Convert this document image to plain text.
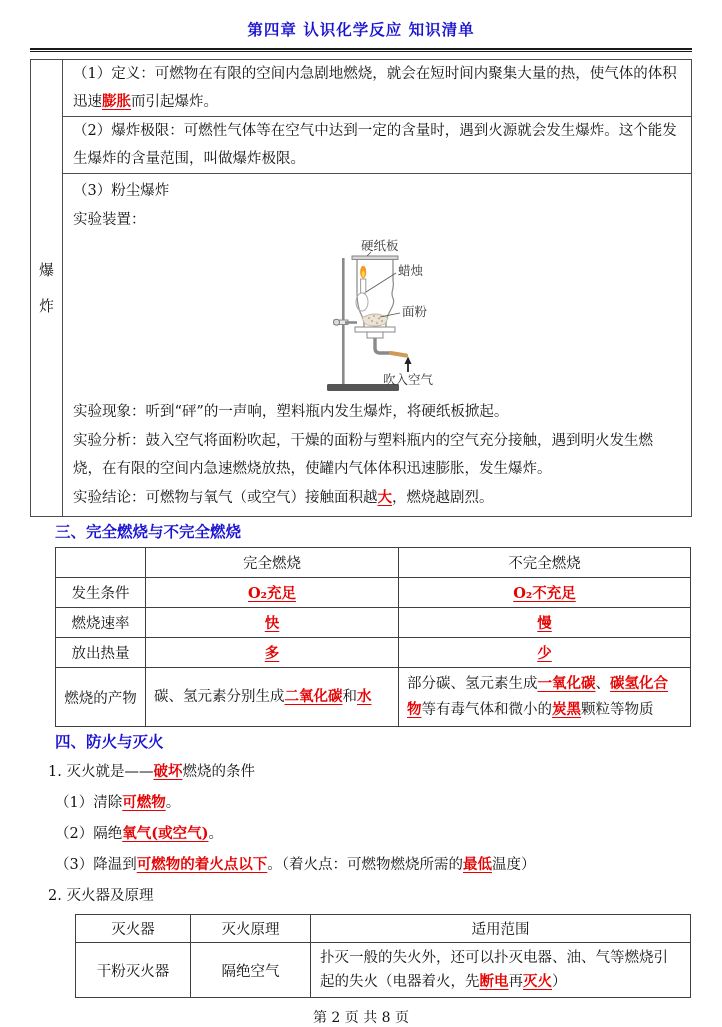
第四章 认识化学反应 知识清单
爆炸
（1）定义：可燃物在有限的空间内急剧地燃烧，就会在短时间内聚集大量的热，使气体的体积迅速膨胀而引起爆炸。
（2）爆炸极限：可燃性气体等在空气中达到一定的含量时，遇到火源就会发生爆炸。这个能发生爆炸的含量范围，叫做爆炸极限。

（3）粉尘爆炸

实验装置：

硬纸板
蜡烛
面粉
吹入空气

实验现象：听到“砰”的一声响，塑料瓶内发生爆炸，将硬纸板掀起。

实验分析：鼓入空气将面粉吹起，干燥的面粉与塑料瓶内的空气充分接触，遇到明火发生燃烧，在有限的空间内急速燃烧放热，使罐内气体体积迅速膨胀，发生爆炸。

实验结论：可燃物与氧气（或空气）接触面积越大，燃烧越剧烈。

三、完全燃烧与不完全燃烧
	完全燃烧	不完全燃烧
发生条件	O₂充足	O₂不充足
燃烧速率	快	慢
放出热量	多	少
燃烧的产物	碳、氢元素分别生成二氧化碳和水	部分碳、氢元素生成一氧化碳、碳氢化合物等有毒气体和微小的炭黑颗粒等物质
四、防火与灭火

1. 灭火就是——破坏燃烧的条件

（1）清除可燃物。

（2）隔绝氧气(或空气)。

（3）降温到可燃物的着火点以下。（着火点：可燃物燃烧所需的最低温度）

2. 灭火器及原理

灭火器	灭火原理	适用范围
干粉灭火器	隔绝空气	扑灭一般的失火外，还可以扑灭电器、油、气等燃烧引起的失火（电器着火，先断电再灭火）
第 2 页 共 8 页
